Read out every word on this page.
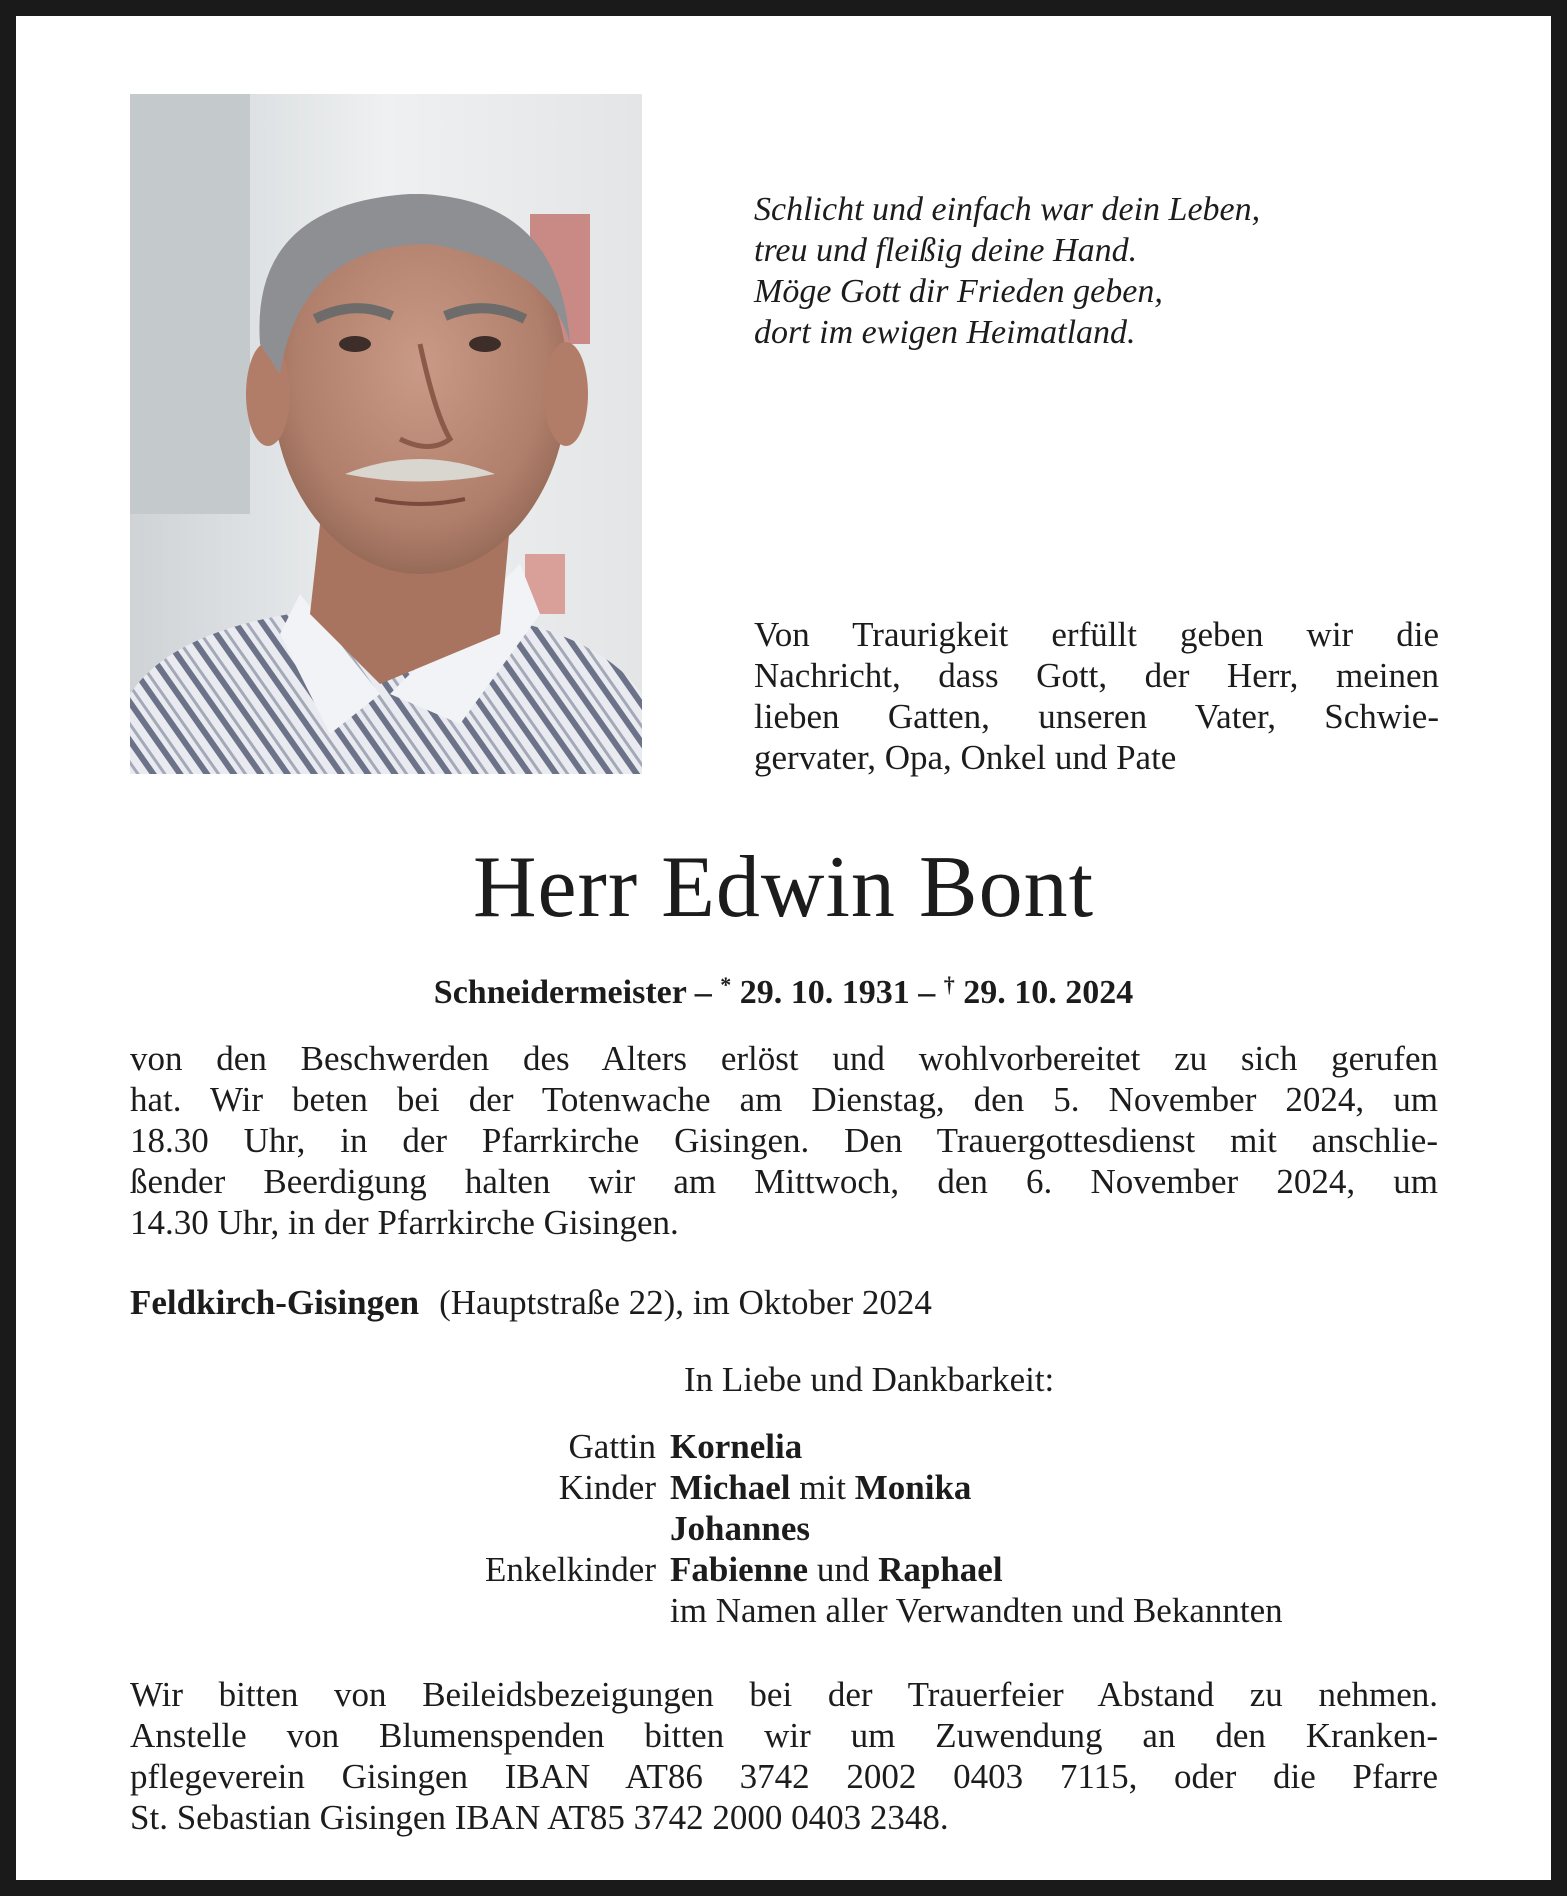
Schlicht und einfach war dein Leben,
treu und fleißig deine Hand.
Möge Gott dir Frieden geben,
dort im ewigen Heimatland.
Von Traurigkeit erfüllt geben wir die
Nachricht, dass Gott, der Herr, meinen
lieben Gatten, unseren Vater, Schwie-
gervater, Opa, Onkel und Pate
Herr Edwin Bont
Schneidermeister – * 29. 10. 1931 – † 29. 10. 2024
von den Beschwerden des Alters erlöst und wohlvorbereitet zu sich gerufen
hat. Wir beten bei der Totenwache am Dienstag, den 5. November 2024, um
18.30 Uhr, in der Pfarrkirche Gisingen. Den Trauergottesdienst mit anschlie-
ßender Beerdigung halten wir am Mittwoch, den 6. November 2024, um
14.30 Uhr, in der Pfarrkirche Gisingen.
Feldkirch-Gisingen (Hauptstraße 22), im Oktober 2024
In Liebe und Dankbarkeit:
Gattin Kornelia
Kinder Michael mit Monika
Johannes
Enkelkinder Fabienne und Raphael
im Namen aller Verwandten und Bekannten
Wir bitten von Beileidsbezeigungen bei der Trauerfeier Abstand zu nehmen.
Anstelle von Blumenspenden bitten wir um Zuwendung an den Kranken-
pflegeverein Gisingen IBAN AT86 3742 2002 0403 7115, oder die Pfarre
St. Sebastian Gisingen IBAN AT85 3742 2000 0403 2348.
